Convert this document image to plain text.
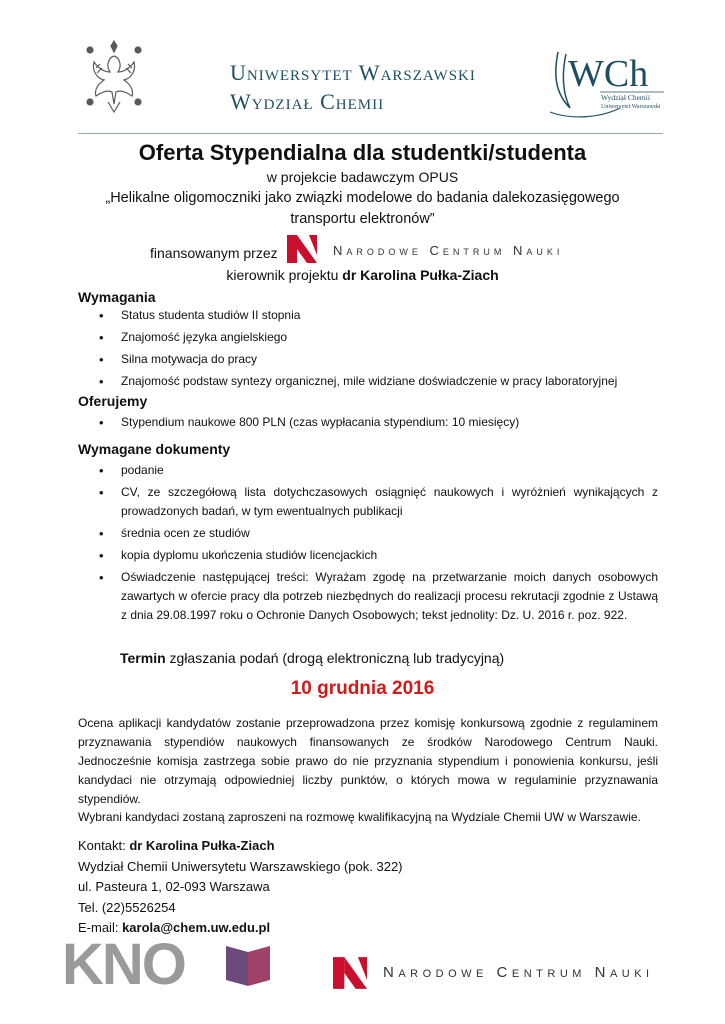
Uniwersytet Warszawski
Wydział Chemii
WCh
Wydział Chemii
Uniwersytet Warszawski
Oferta Stypendialna dla studentki/studenta
w projekcie badawczym OPUS
„Helikalne oligomoczniki jako związki modelowe do badania dalekozasięgowego
transportu elektronów”
finansowanym przez	Narodowe Centrum Nauki
kierownik projektu dr Karolina Pułka-Ziach
Wymagania
• Status studenta studiów II stopnia
• Znajomość języka angielskiego
• Silna motywacja do pracy
• Znajomość podstaw syntezy organicznej, mile widziane doświadczenie w pracy laboratoryjnej
Oferujemy
• Stypendium naukowe 800 PLN (czas wypłacania stypendium: 10 miesięcy)
Wymagane dokumenty
• podanie
• CV, ze szczegółową lista dotychczasowych osiągnięć naukowych i wyróżnień wynikających z prowadzonych badań, w tym ewentualnych publikacji
• średnia ocen ze studiów
• kopia dyplomu ukończenia studiów licencjackich
• Oświadczenie następującej treści: Wyrażam zgodę na przetwarzanie moich danych osobowych zawartych w ofercie pracy dla potrzeb niezbędnych do realizacji procesu rekrutacji zgodnie z Ustawą z dnia 29.08.1997 roku o Ochronie Danych Osobowych; tekst jednolity: Dz. U. 2016 r. poz. 922.
Termin zgłaszania podań (drogą elektroniczną lub tradycyjną)
10 grudnia 2016
Ocena aplikacji kandydatów zostanie przeprowadzona przez komisję konkursową zgodnie z regulaminem przyznawania stypendiów naukowych finansowanych ze środków Narodowego Centrum Nauki. Jednocześnie komisja zastrzega sobie prawo do nie przyznania stypendium i ponowienia konkursu, jeśli kandydaci nie otrzymają odpowiedniej liczby punktów, o których mowa w regulaminie przyznawania stypendiów.
Wybrani kandydaci zostaną zaproszeni na rozmowę kwalifikacyjną na Wydziale Chemii UW w Warszawie.
Kontakt: dr Karolina Pułka-Ziach
Wydział Chemii Uniwersytetu Warszawskiego (pok. 322)
ul. Pasteura 1, 02-093 Warszawa
Tel. (22)5526254
E-mail: karola@chem.uw.edu.pl
KNO	Narodowe Centrum Nauki
